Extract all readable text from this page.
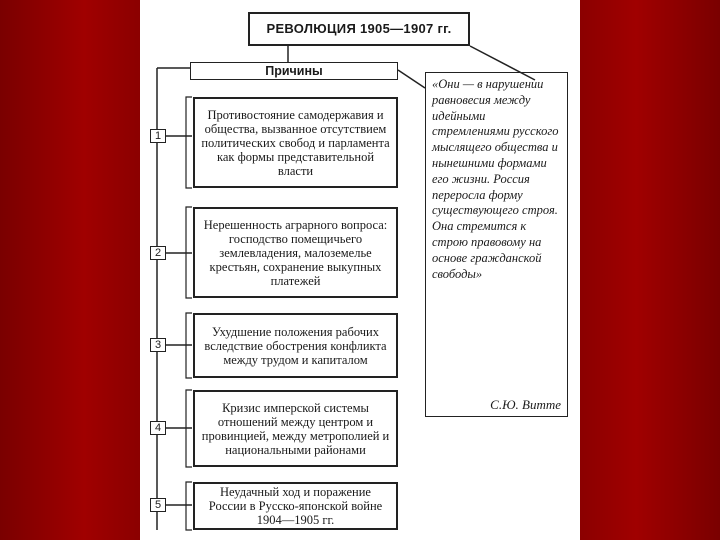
РЕВОЛЮЦИЯ 1905—1907 гг.
Причины
1
2
3
4
5
Противостояние самодержавия и общества, вызванное отсутствием политических свобод и парламента как формы представительной власти
Нерешенность аграрного вопроса: господство помещичьего землевладения, малоземелье крестьян, сохранение выкупных платежей
Ухудшение положения рабочих вследствие обострения конфликта между трудом и капиталом
Кризис имперской системы отношений между центром и провинцией, между метрополией и национальными районами
Неудачный ход и поражение России в Русско-японской войне 1904—1905 гг.
«Они — в нарушении равновесия между идейными стремлениями русского мыслящего общества и нынешними формами его жизни. Россия переросла форму существующего строя. Она стремится к строю правовому на основе гражданской свободы»
С.Ю. Витте
